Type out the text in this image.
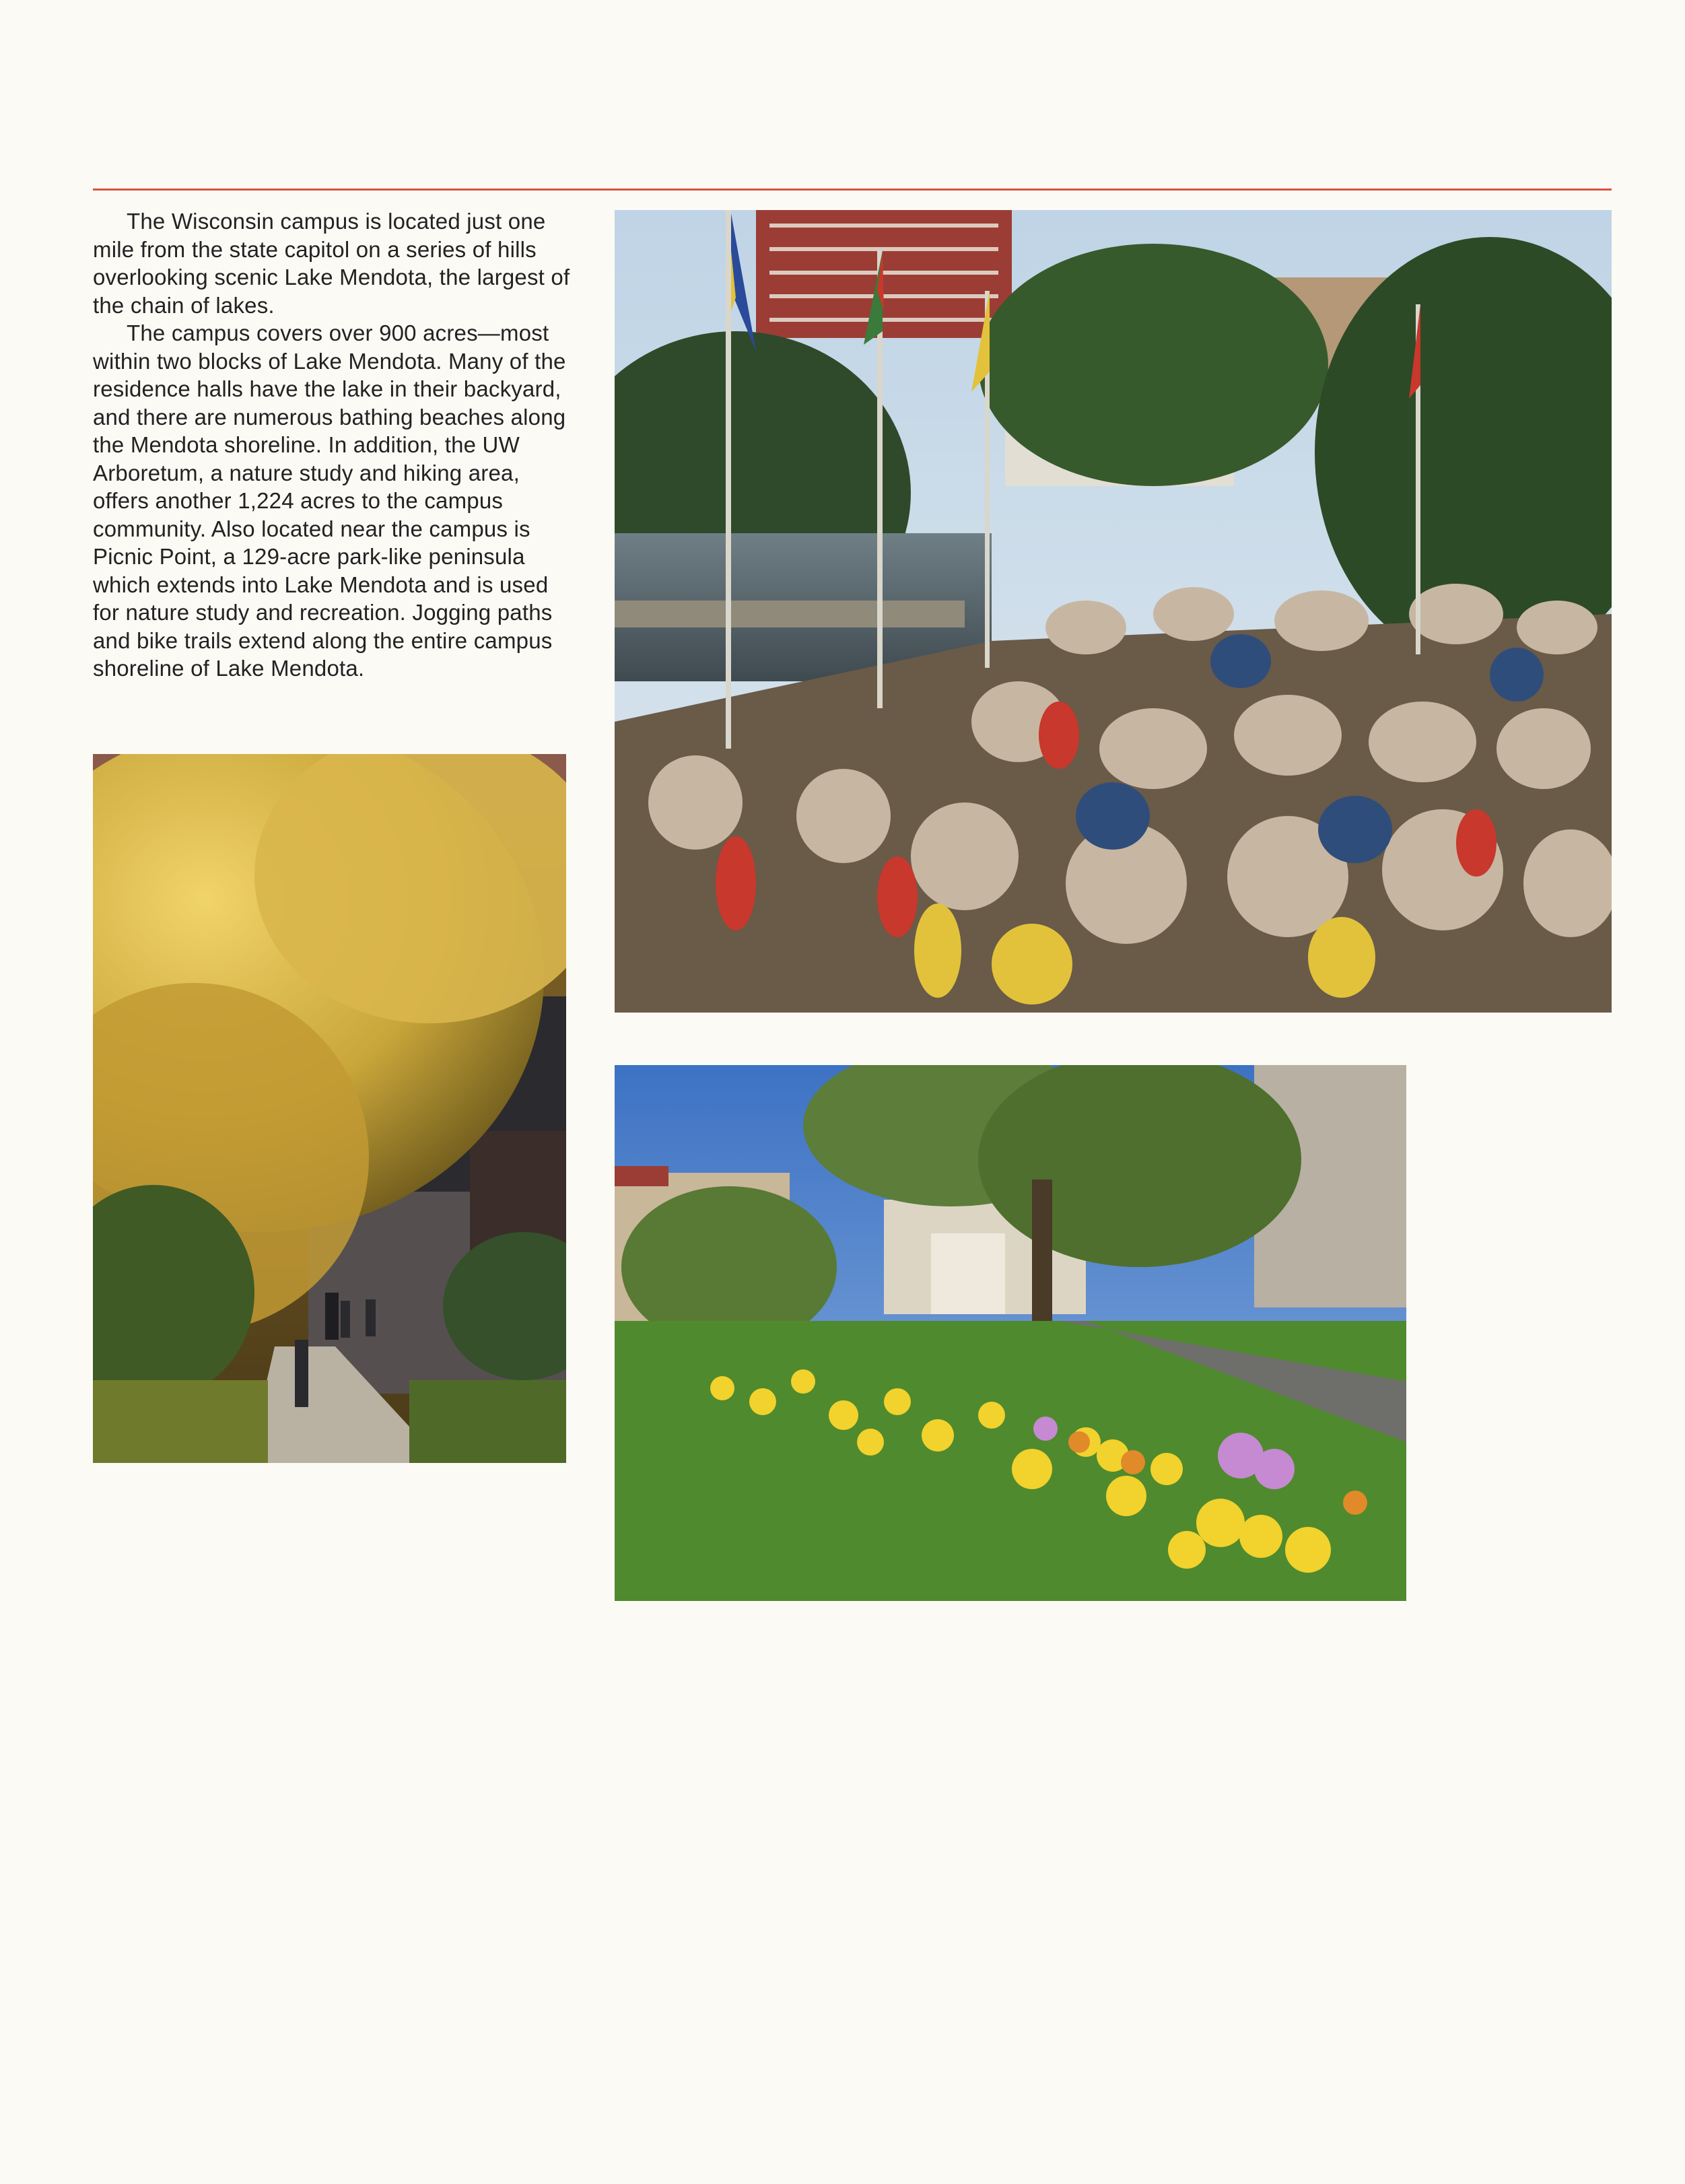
The Wisconsin campus is located just one mile from the state capitol on a series of hills overlooking scenic Lake Mendota, the largest of the chain of lakes.

The campus covers over 900 acres—most within two blocks of Lake Mendota. Many of the residence halls have the lake in their backyard, and there are numerous bathing beaches along the Mendota shoreline. In addition, the UW Arboretum, a nature study and hiking area, offers another 1,224 acres to the campus community. Also located near the campus is Picnic Point, a 129-acre park-like peninsula which extends into Lake Mendota and is used for nature study and recreation. Jogging paths and bike trails extend along the entire campus shoreline of Lake Mendota.
